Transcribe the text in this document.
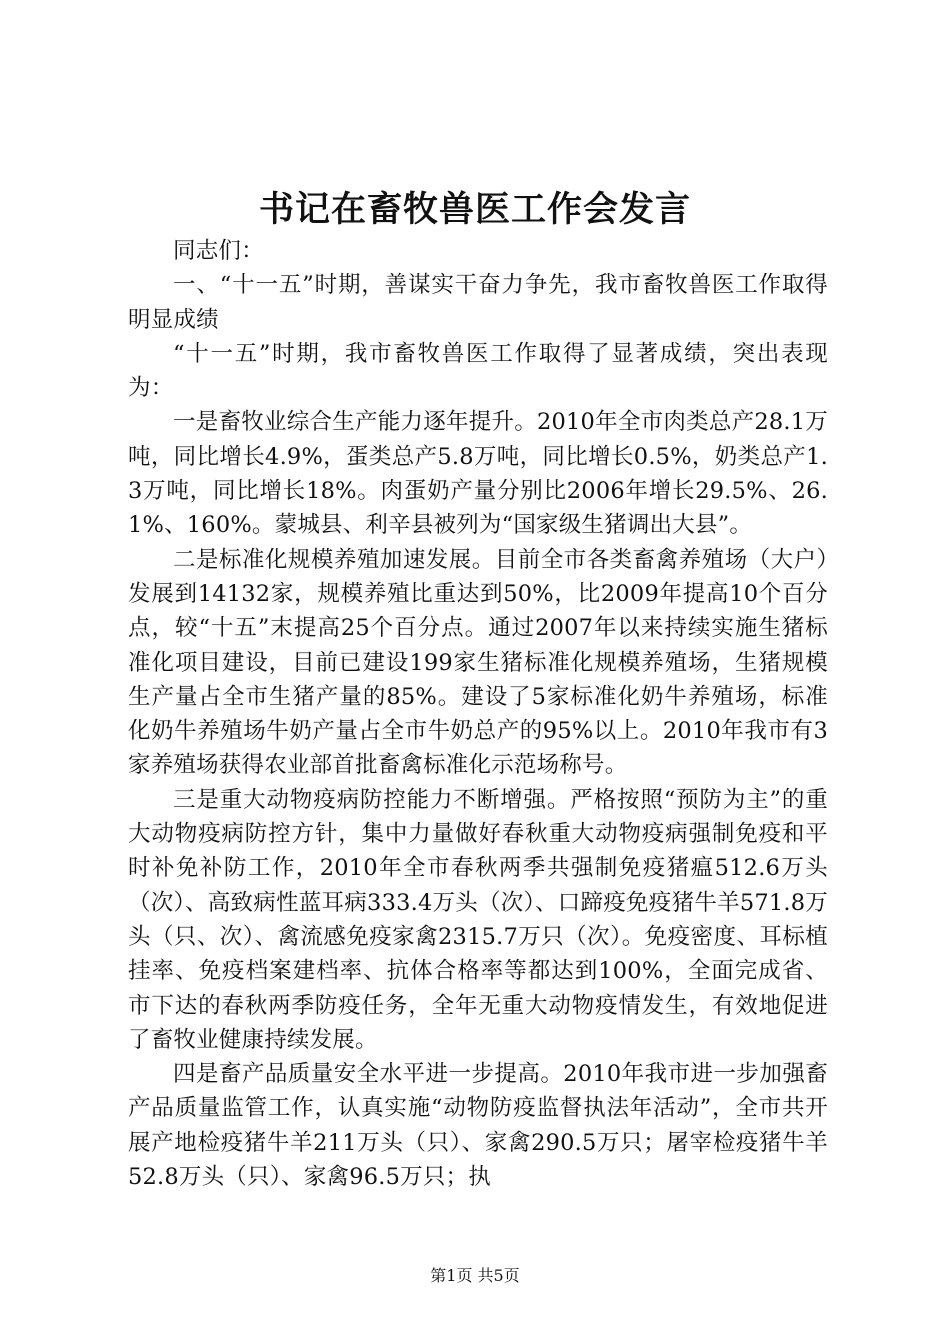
书记在畜牧兽医工作会发言

同志们：

一、“十一五”时期，善谋实干奋力争先，我市畜牧兽医工作取得明显成绩

“十一五”时期，我市畜牧兽医工作取得了显著成绩，突出表现为：

一是畜牧业综合生产能力逐年提升。2010年全市肉类总产28.1万吨，同比增长4.9%，蛋类总产5.8万吨，同比增长0.5%，奶类总产1.3万吨，同比增长18%。肉蛋奶产量分别比2006年增长29.5%、26.1%、160%。蒙城县、利辛县被列为“国家级生猪调出大县”。

二是标准化规模养殖加速发展。目前全市各类畜禽养殖场（大户）发展到14132家，规模养殖比重达到50%，比2009年提高10个百分点，较“十五”末提高25个百分点。通过2007年以来持续实施生猪标准化项目建设，目前已建设199家生猪标准化规模养殖场，生猪规模生产量占全市生猪产量的85%。建设了5家标准化奶牛养殖场，标准化奶牛养殖场牛奶产量占全市牛奶总产的95%以上。2010年我市有3家养殖场获得农业部首批畜禽标准化示范场称号。

三是重大动物疫病防控能力不断增强。严格按照“预防为主”的重大动物疫病防控方针，集中力量做好春秋重大动物疫病强制免疫和平时补免补防工作，2010年全市春秋两季共强制免疫猪瘟512.6万头（次）、高致病性蓝耳病333.4万头（次）、口蹄疫免疫猪牛羊571.8万头（只、次）、禽流感免疫家禽2315.7万只（次）。免疫密度、耳标植挂率、免疫档案建档率、抗体合格率等都达到100%，全面完成省、市下达的春秋两季防疫任务，全年无重大动物疫情发生，有效地促进了畜牧业健康持续发展。

四是畜产品质量安全水平进一步提高。2010年我市进一步加强畜产品质量监管工作，认真实施“动物防疫监督执法年活动”，全市共开展产地检疫猪牛羊211万头（只）、家禽290.5万只；屠宰检疫猪牛羊52.8万头（只）、家禽96.5万只；执

第1页 共5页
